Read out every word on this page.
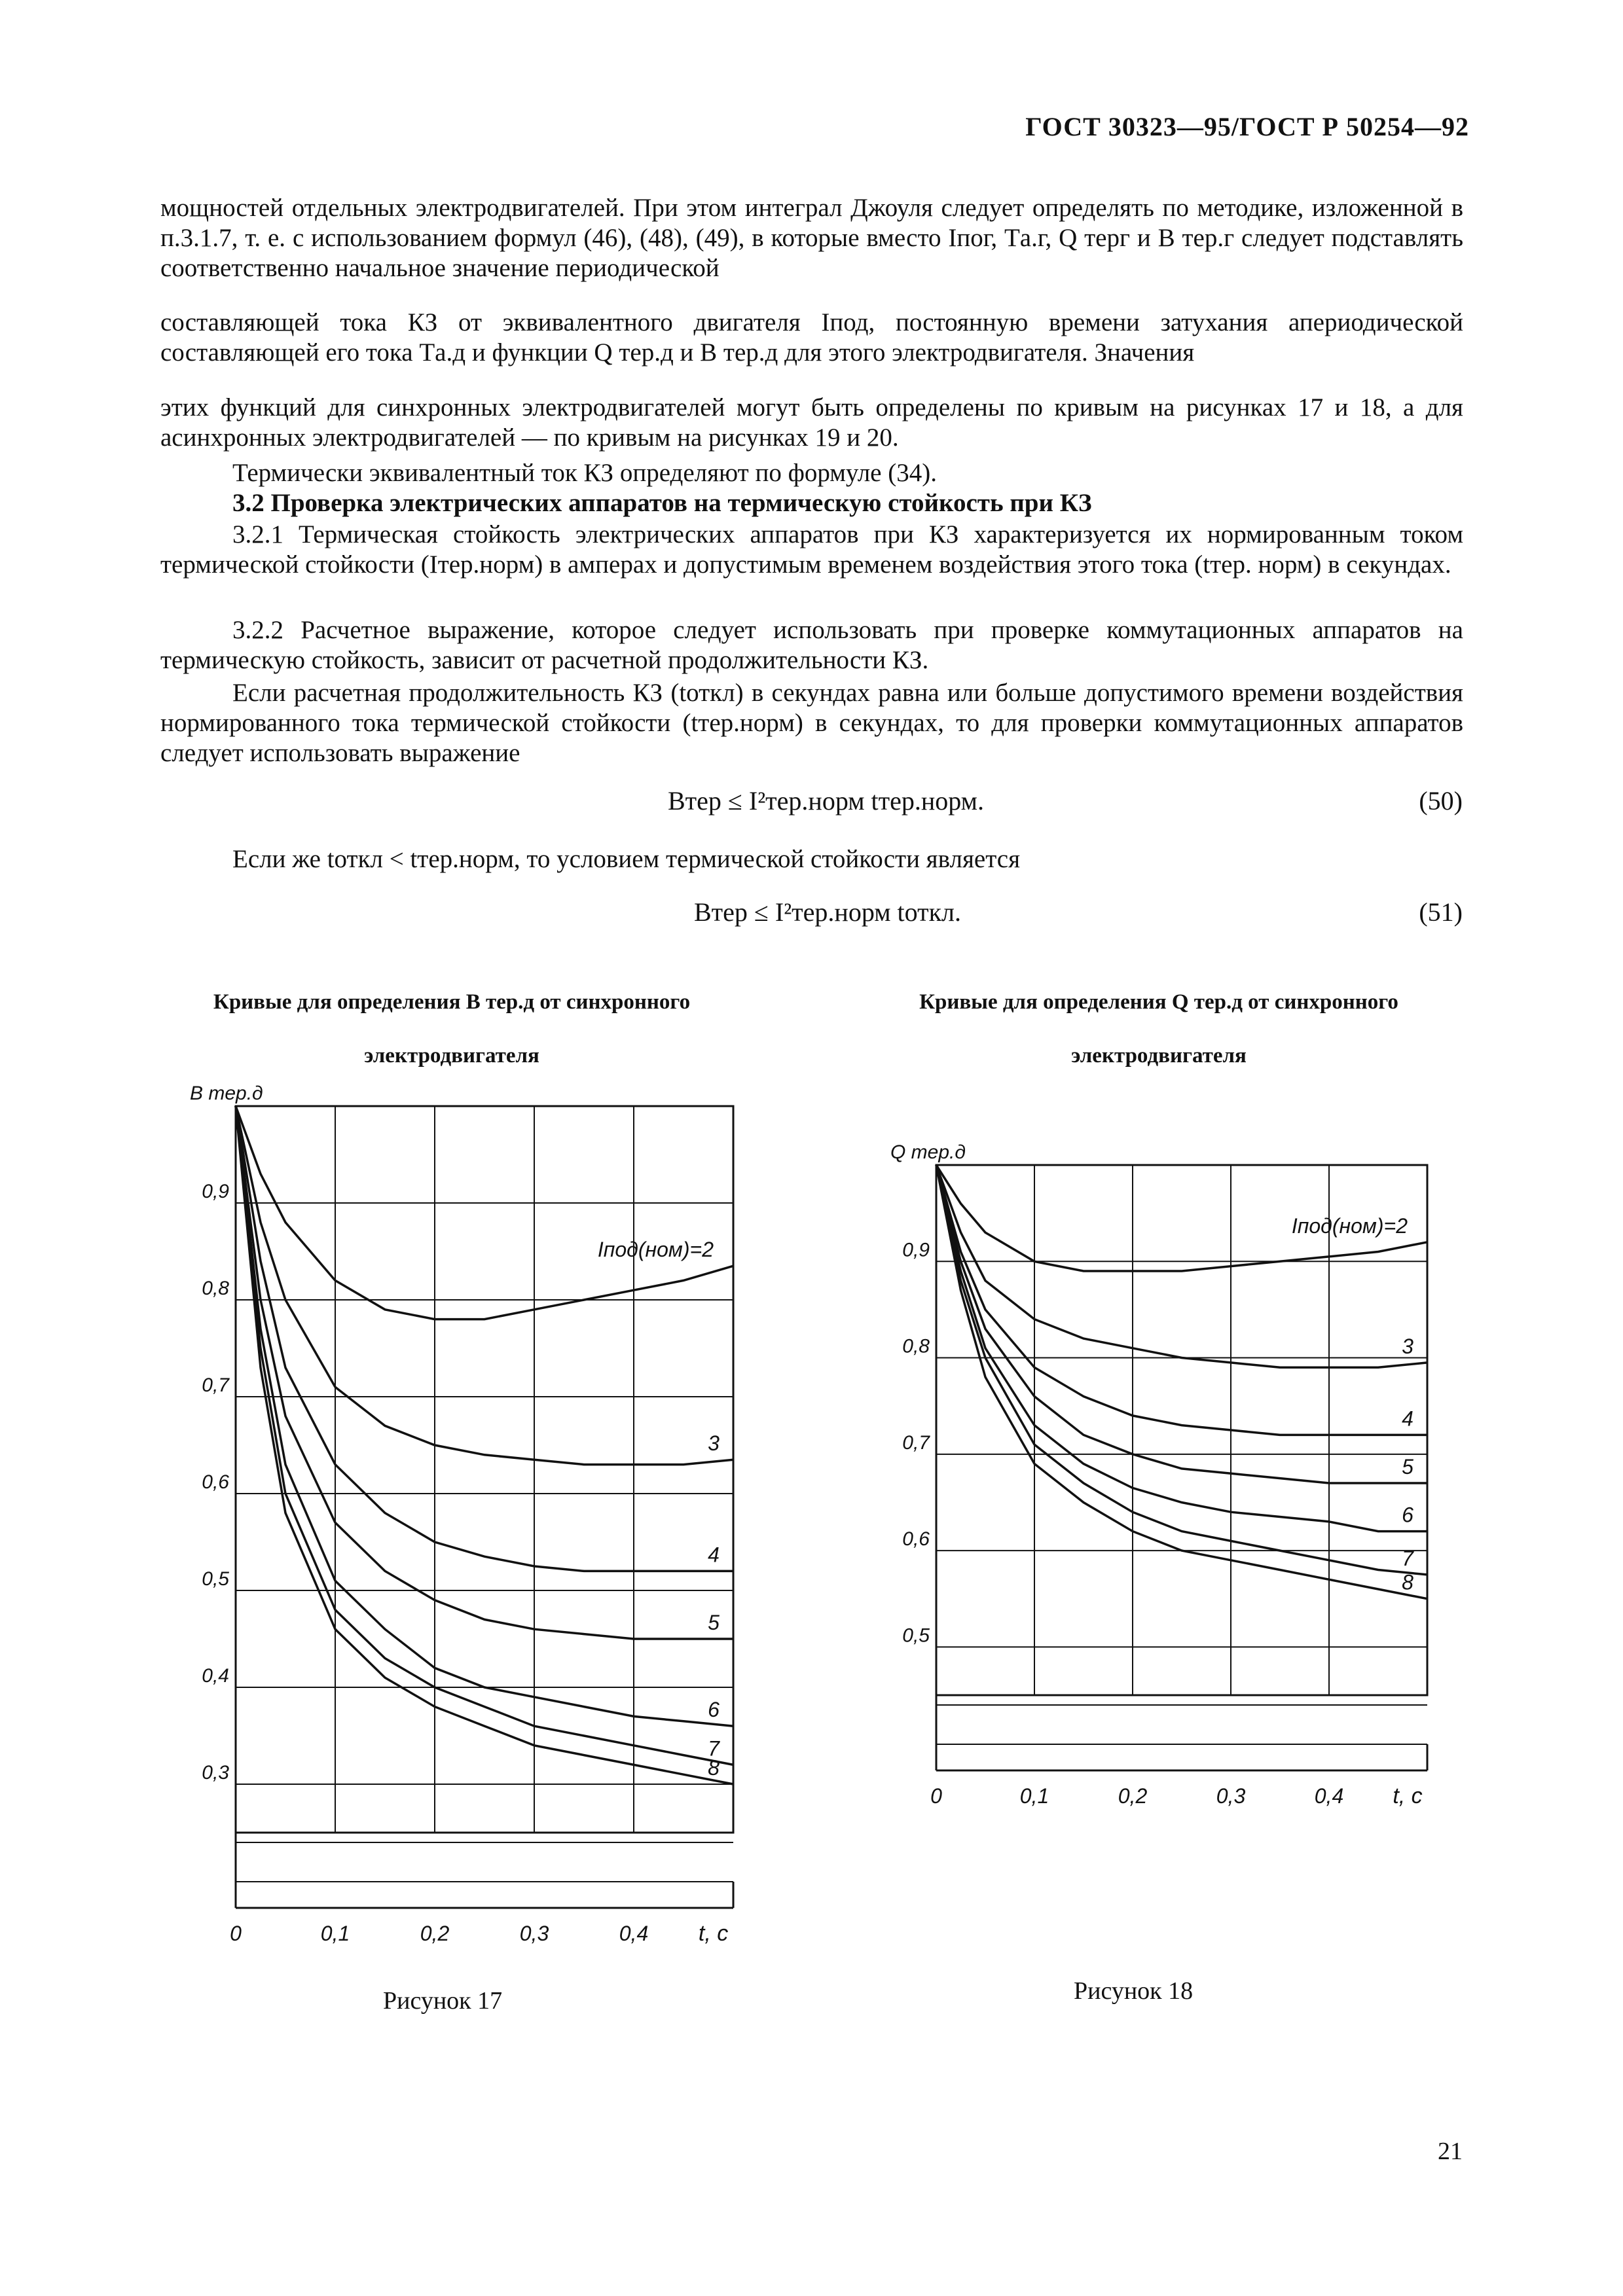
ГОСТ 30323—95/ГОСТ Р 50254—92
мощностей отдельных электродвигателей. При этом интеграл Джоуля следует определять по методике, изложенной в п.3.1.7, т. е. с использованием формул (46), (48), (49), в которые вместо I​пог, T​а.г, Q терг и B тер.г следует подставлять соответственно начальное значение периодической
составляющей тока КЗ от эквивалентного двигателя Iпод, постоянную времени затухания апериодической составляющей его тока Tа.д и функции Q тер.д и B тер.д для этого электродвигателя. Значения
этих функций для синхронных электродвигателей могут быть определены по кривым на рисунках 17 и 18, а для асинхронных электродвигателей — по кривым на рисунках 19 и 20.
Термически эквивалентный ток КЗ определяют по формуле (34).
3.2 Проверка электрических аппаратов на термическую стойкость при КЗ
3.2.1 Термическая стойкость электрических аппаратов при КЗ характеризуется их нормированным током термической стойкости (Iтер.норм) в амперах и допустимым временем воздействия этого тока (tтер. норм) в секундах.
3.2.2 Расчетное выражение, которое следует использовать при проверке коммутационных аппаратов на термическую стойкость, зависит от расчетной продолжительности КЗ.
Если расчетная продолжительность КЗ (tоткл) в секундах равна или больше допустимого времени воздействия нормированного тока термической стойкости (tтер.норм) в секундах, то для проверки коммутационных аппаратов следует использовать выражение
Bтер ≤ I²тер.норм tтер.норм.	(50)
Если же tоткл < tтер.норм, то условием термической стойкости является
Bтер ≤ I²тер.норм tоткл.	(51)
Кривые для определения B тер.д от синхронного
электродвигателя
0,9
0,8
0,7
0,6
0,5
0,4
0,3
0	0,1	0,2	0,3	0,4 t, c
B тер.д
Iпод(ном)=2
3
4
5
6
7
8
Рисунок 17
Кривые для определения Q тер.д от синхронного
электродвигателя
0,9
0,8
0,7
0,6
0,5
0	0,1	0,2	0,3	0,4 t, c
Q тер.д
Iпод(ном)=2
3
4
5
6
7
8
Рисунок 18
21
